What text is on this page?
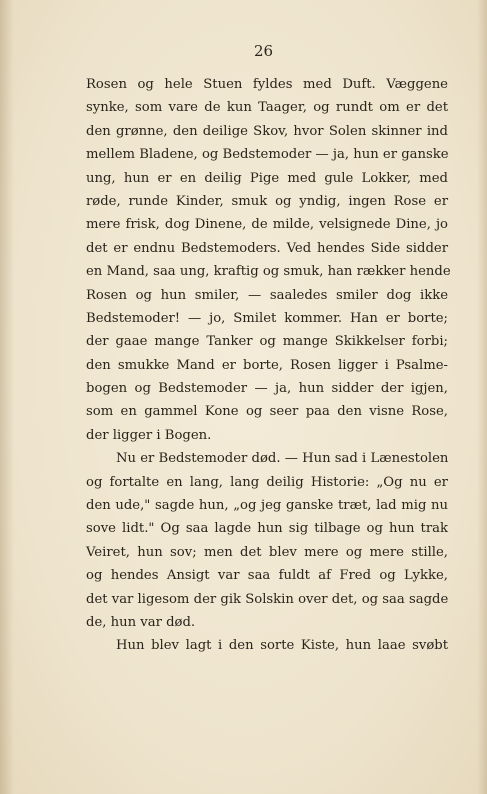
26
Rosen og hele Stuen fyldes med Duft. Væggene
synke, som vare de kun Taager, og rundt om er det
den grønne, den deilige Skov, hvor Solen skinner ind
mellem Bladene, og Bedstemoder — ja, hun er ganske
ung, hun er en deilig Pige med gule Lokker, med
røde, runde Kinder, smuk og yndig, ingen Rose er
mere frisk, dog Dinene, de milde, velsignede Dine, jo
det er endnu Bedstemoders. Ved hendes Side sidder
en Mand, saa ung, kraftig og smuk, han rækker hende
Rosen og hun smiler, — saaledes smiler dog ikke
Bedstemoder! — jo, Smilet kommer. Han er borte;
der gaae mange Tanker og mange Skikkelser forbi;
den smukke Mand er borte, Rosen ligger i Psalme-
bogen og Bedstemoder — ja, hun sidder der igjen,
som en gammel Kone og seer paa den visne Rose,
der ligger i Bogen.
Nu er Bedstemoder død. — Hun sad i Lænestolen
og fortalte en lang, lang deilig Historie: „Og nu er
den ude," sagde hun, „og jeg ganske træt, lad mig nu
sove lidt." Og saa lagde hun sig tilbage og hun trak
Veiret, hun sov; men det blev mere og mere stille,
og hendes Ansigt var saa fuldt af Fred og Lykke,
det var ligesom der gik Solskin over det, og saa sagde
de, hun var død.
Hun blev lagt i den sorte Kiste, hun laae svøbt
